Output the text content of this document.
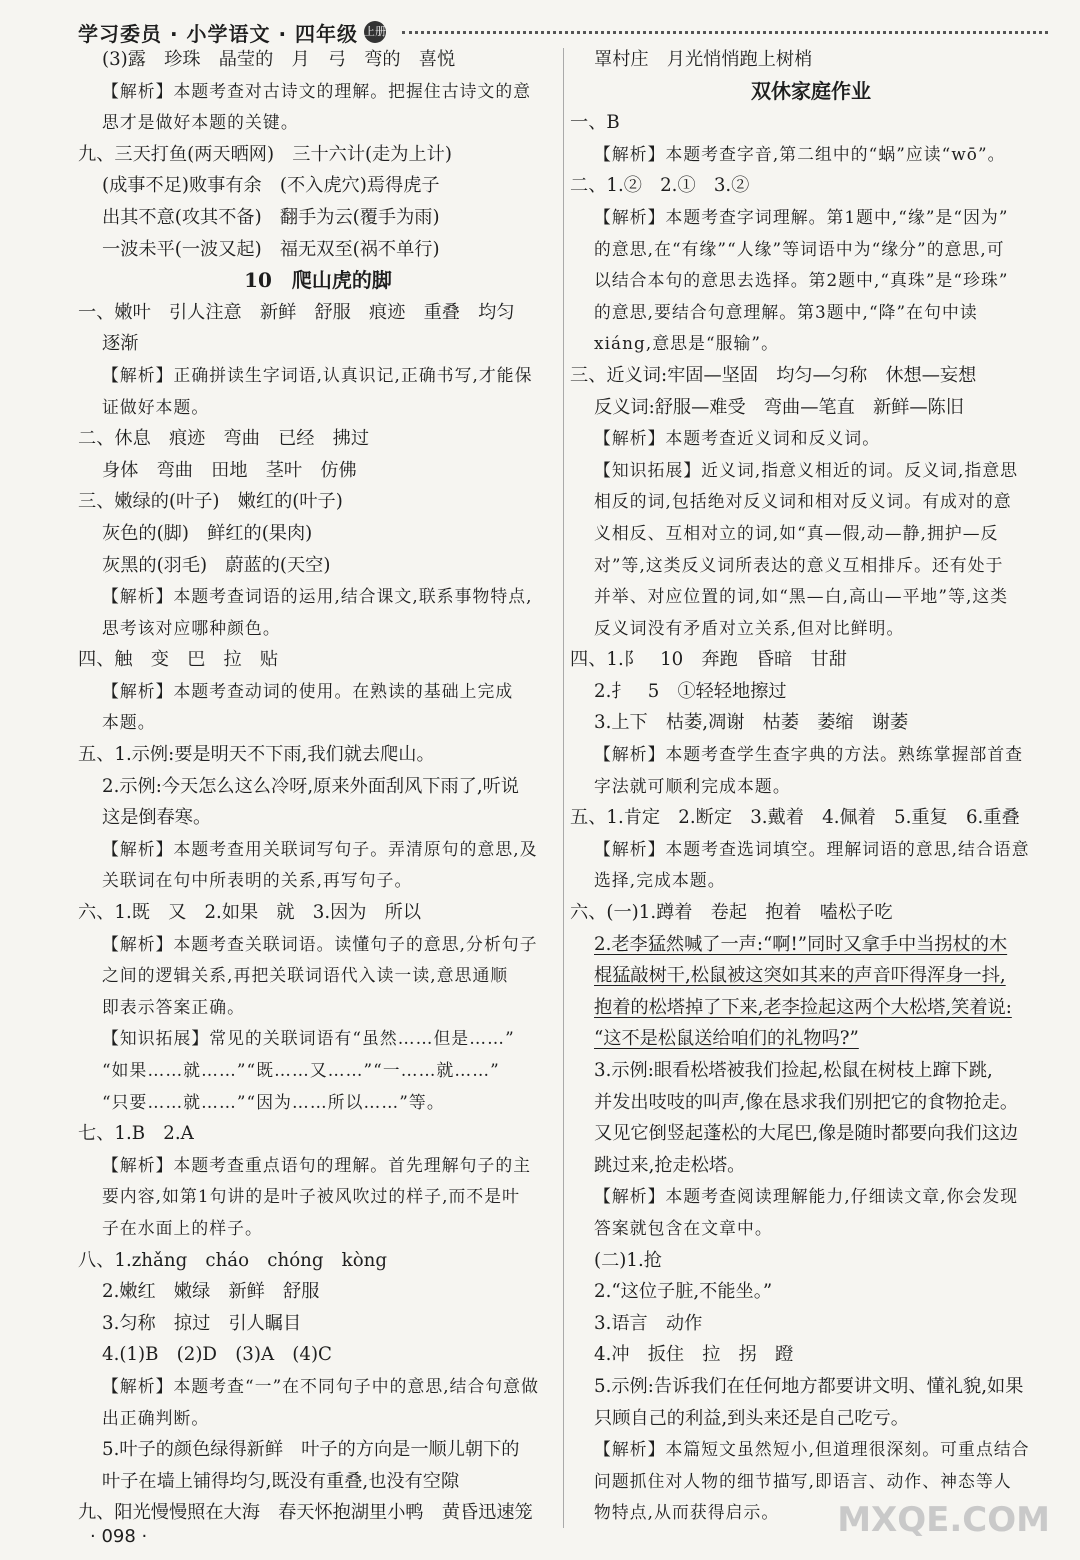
学习委员 · 小学语文 · 四年级 上册
(3)露　珍珠　晶莹的　月　弓　弯的　喜悦
【解析】本题考查对古诗文的理解。把握住古诗文的意
思才是做好本题的关键。
九、三天打鱼(两天晒网)　三十六计(走为上计)
(成事不足)败事有余　(不入虎穴)焉得虎子
出其不意(攻其不备)　翻手为云(覆手为雨)
一波未平(一波又起)　福无双至(祸不单行)
10　爬山虎的脚
一、嫩叶　引人注意　新鲜　舒服　痕迹　重叠　均匀
逐渐
【解析】正确拼读生字词语,认真识记,正确书写,才能保
证做好本题。
二、休息　痕迹　弯曲　已经　拂过
身体　弯曲　田地　茎叶　仿佛
三、嫩绿的(叶子)　嫩红的(叶子)
灰色的(脚)　鲜红的(果肉)
灰黑的(羽毛)　蔚蓝的(天空)
【解析】本题考查词语的运用,结合课文,联系事物特点,
思考该对应哪种颜色。
四、触　变　巴　拉　贴
【解析】本题考查动词的使用。在熟读的基础上完成
本题。
五、1.示例:要是明天不下雨,我们就去爬山。
2.示例:今天怎么这么冷呀,原来外面刮风下雨了,听说
这是倒春寒。
【解析】本题考查用关联词写句子。弄清原句的意思,及
关联词在句中所表明的关系,再写句子。
六、1.既　又　2.如果　就　3.因为　所以
【解析】本题考查关联词语。读懂句子的意思,分析句子
之间的逻辑关系,再把关联词语代入读一读,意思通顺
即表示答案正确。
【知识拓展】常见的关联词语有“虽然……但是……”
“如果……就……”“既……又……”“一……就……”
“只要……就……”“因为……所以……”等。
七、1.B　2.A
【解析】本题考查重点语句的理解。首先理解句子的主
要内容,如第1句讲的是叶子被风吹过的样子,而不是叶
子在水面上的样子。
八、1.zhǎng　cháo　chóng　kòng
2.嫩红　嫩绿　新鲜　舒服
3.匀称　掠过　引人瞩目
4.(1)B　(2)D　(3)A　(4)C
【解析】本题考查“一”在不同句子中的意思,结合句意做
出正确判断。
5.叶子的颜色绿得新鲜　叶子的方向是一顺儿朝下的
叶子在墙上铺得均匀,既没有重叠,也没有空隙
九、阳光慢慢照在大海　春天怀抱湖里小鸭　黄昏迅速笼
罩村庄　月光悄悄跑上树梢
双休家庭作业
一、B
【解析】本题考查字音,第二组中的“蜗”应读“wō”。
二、1.②　2.①　3.②
【解析】本题考查字词理解。第1题中,“缘”是“因为”
的意思,在“有缘”“人缘”等词语中为“缘分”的意思,可
以结合本句的意思去选择。第2题中,“真珠”是“珍珠”
的意思,要结合句意理解。第3题中,“降”在句中读
xiáng,意思是“服输”。
三、近义词:牢固—坚固　均匀—匀称　休想—妄想
反义词:舒服—难受　弯曲—笔直　新鲜—陈旧
【解析】本题考查近义词和反义词。
【知识拓展】近义词,指意义相近的词。反义词,指意思
相反的词,包括绝对反义词和相对反义词。有成对的意
义相反、互相对立的词,如“真—假,动—静,拥护—反
对”等,这类反义词所表达的意义互相排斥。还有处于
并举、对应位置的词,如“黑—白,高山—平地”等,这类
反义词没有矛盾对立关系,但对比鲜明。
四、1.阝　10　奔跑　昏暗　甘甜
2.扌　5　①轻轻地擦过
3.上下　枯萎,凋谢　枯萎　萎缩　谢萎
【解析】本题考查学生查字典的方法。熟练掌握部首查
字法就可顺利完成本题。
五、1.肯定　2.断定　3.戴着　4.佩着　5.重复　6.重叠
【解析】本题考查选词填空。理解词语的意思,结合语意
选择,完成本题。
六、(一)1.蹲着　卷起　抱着　嗑松子吃
2.老李猛然喊了一声:“啊!”同时又拿手中当拐杖的木
棍猛敲树干,松鼠被这突如其来的声音吓得浑身一抖,
抱着的松塔掉了下来,老李捡起这两个大松塔,笑着说:
“这不是松鼠送给咱们的礼物吗?”
3.示例:眼看松塔被我们捡起,松鼠在树枝上蹿下跳,
并发出吱吱的叫声,像在恳求我们别把它的食物抢走。
又见它倒竖起蓬松的大尾巴,像是随时都要向我们这边
跳过来,抢走松塔。
【解析】本题考查阅读理解能力,仔细读文章,你会发现
答案就包含在文章中。
(二)1.抢
2.“这位子脏,不能坐。”
3.语言　动作
4.冲　扳住　拉　拐　蹬
5.示例:告诉我们在任何地方都要讲文明、懂礼貌,如果
只顾自己的利益,到头来还是自己吃亏。
【解析】本篇短文虽然短小,但道理很深刻。可重点结合
问题抓住对人物的细节描写,即语言、动作、神态等人
物特点,从而获得启示。
· 098 ·	MXQE.COM
